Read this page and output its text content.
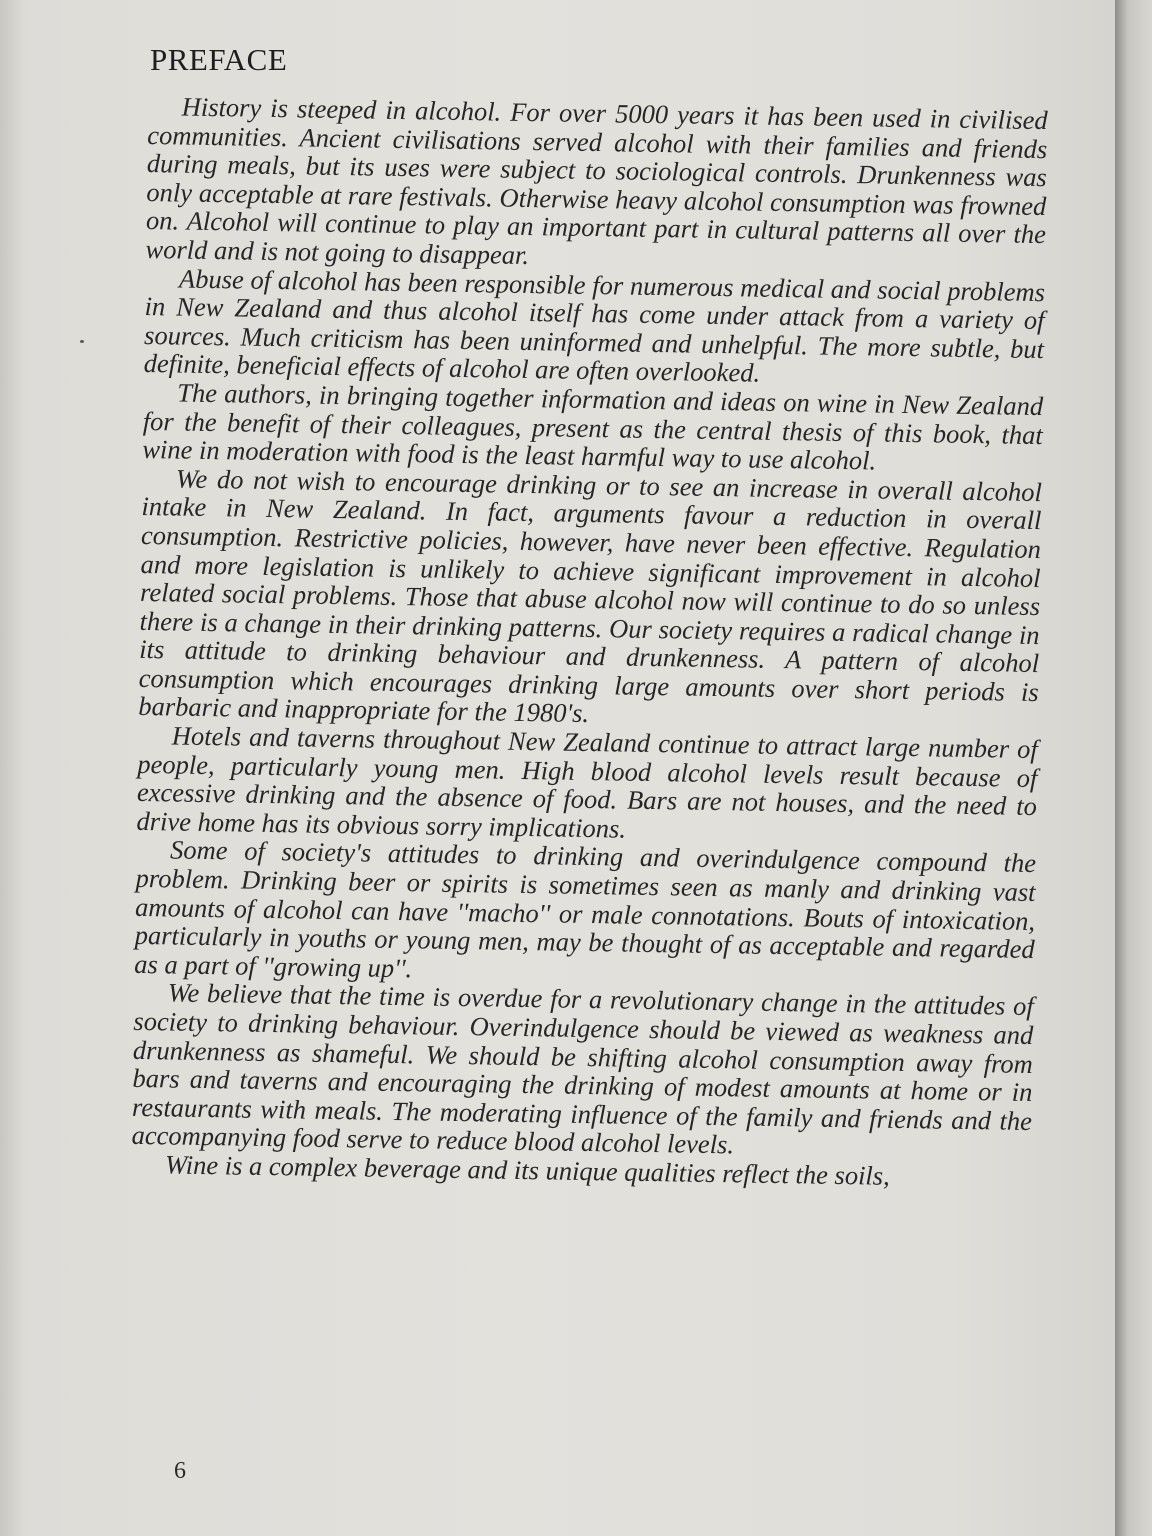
PREFACE

History is steeped in alcohol. For over 5000 years it has been used in civilised communities. Ancient civilisations served alcohol with their families and friends during meals, but its uses were subject to sociological controls. Drunkenness was only acceptable at rare festivals. Otherwise heavy alcohol consumption was frowned on. Alcohol will continue to play an important part in cultural patterns all over the world and is not going to disappear.

Abuse of alcohol has been responsible for numerous medical and social problems in New Zealand and thus alcohol itself has come under attack from a variety of sources. Much criticism has been uninformed and unhelpful. The more subtle, but definite, beneficial effects of alcohol are often overlooked.

The authors, in bringing together information and ideas on wine in New Zealand for the benefit of their colleagues, present as the central thesis of this book, that wine in moderation with food is the least harmful way to use alcohol.

We do not wish to encourage drinking or to see an increase in overall alcohol intake in New Zealand. In fact, arguments favour a reduction in overall consumption. Restrictive policies, however, have never been effective. Regulation and more legislation is unlikely to achieve significant improvement in alcohol related social problems. Those that abuse alcohol now will continue to do so unless there is a change in their drinking patterns. Our society requires a radical change in its attitude to drinking behaviour and drunkenness. A pattern of alcohol consumption which encourages drinking large amounts over short periods is barbaric and inappropriate for the 1980's.

Hotels and taverns throughout New Zealand continue to attract large number of people, particularly young men. High blood alcohol levels result because of excessive drinking and the absence of food. Bars are not houses, and the need to drive home has its obvious sorry implications.

Some of society's attitudes to drinking and overindulgence compound the problem. Drinking beer or spirits is sometimes seen as manly and drinking vast amounts of alcohol can have ''macho'' or male connotations. Bouts of intoxication, particularly in youths or young men, may be thought of as acceptable and regarded as a part of ''growing up''.

We believe that the time is overdue for a revolutionary change in the attitudes of society to drinking behaviour. Overindulgence should be viewed as weakness and drunkenness as shameful. We should be shifting alcohol consumption away from bars and taverns and encouraging the drinking of modest amounts at home or in restaurants with meals. The moderating influence of the family and friends and the accompanying food serve to reduce blood alcohol levels.

Wine is a complex beverage and its unique qualities reflect the soils,

6
